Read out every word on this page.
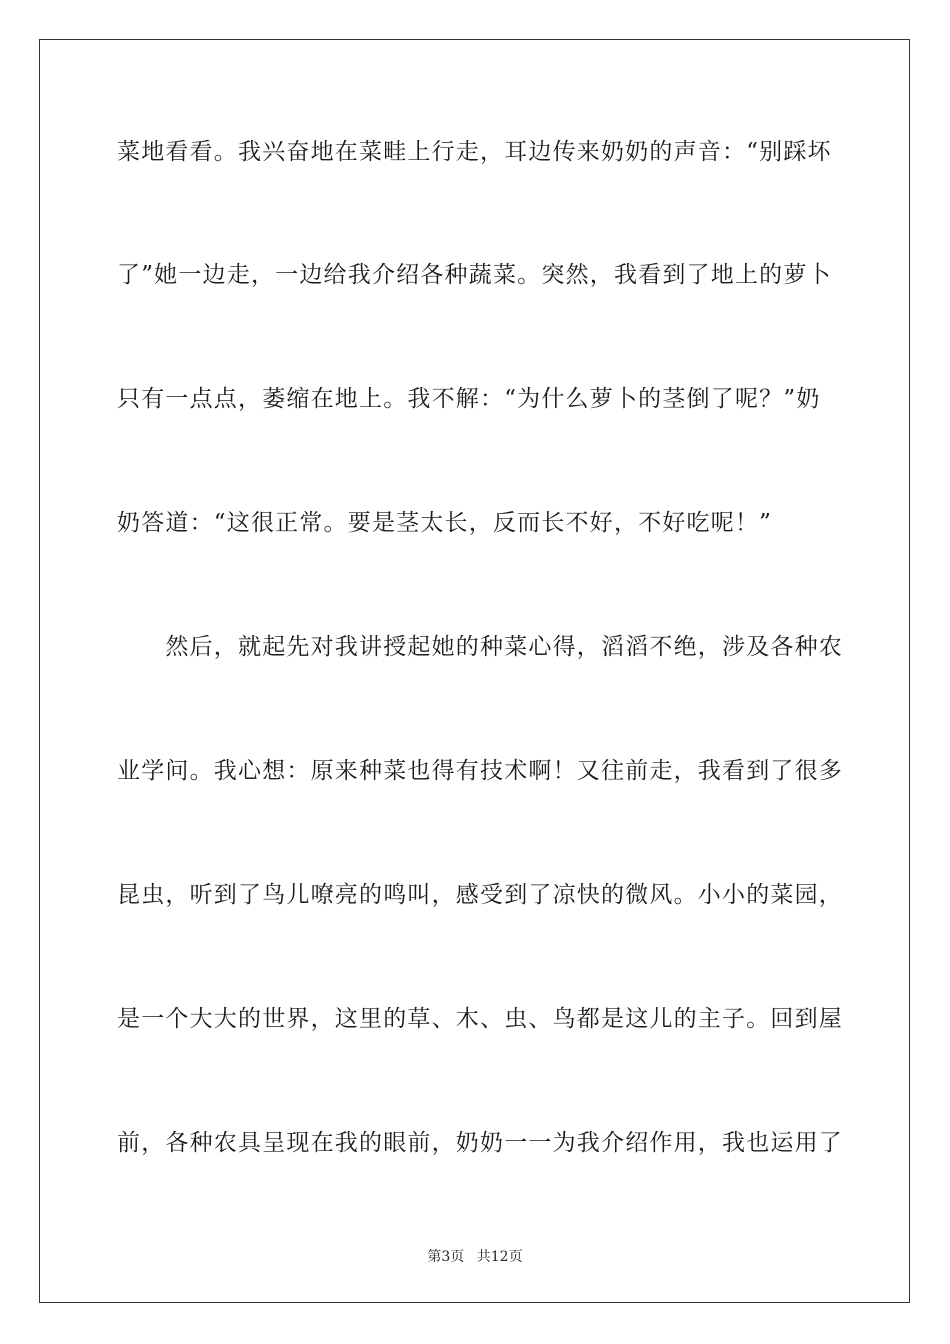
菜地看看。我兴奋地在菜畦上行走，耳边传来奶奶的声音：“别踩坏
了”她一边走，一边给我介绍各种蔬菜。突然，我看到了地上的萝卜
只有一点点，萎缩在地上。我不解：“为什么萝卜的茎倒了呢？”奶
奶答道：“这很正常。要是茎太长，反而长不好，不好吃呢！”
　　然后，就起先对我讲授起她的种菜心得，滔滔不绝，涉及各种农
业学问。我心想：原来种菜也得有技术啊！又往前走，我看到了很多
昆虫，听到了鸟儿嘹亮的鸣叫，感受到了凉快的微风。小小的菜园，
是一个大大的世界，这里的草、木、虫、鸟都是这儿的主子。回到屋
前，各种农具呈现在我的眼前，奶奶一一为我介绍作用，我也运用了
第3页 共12页
